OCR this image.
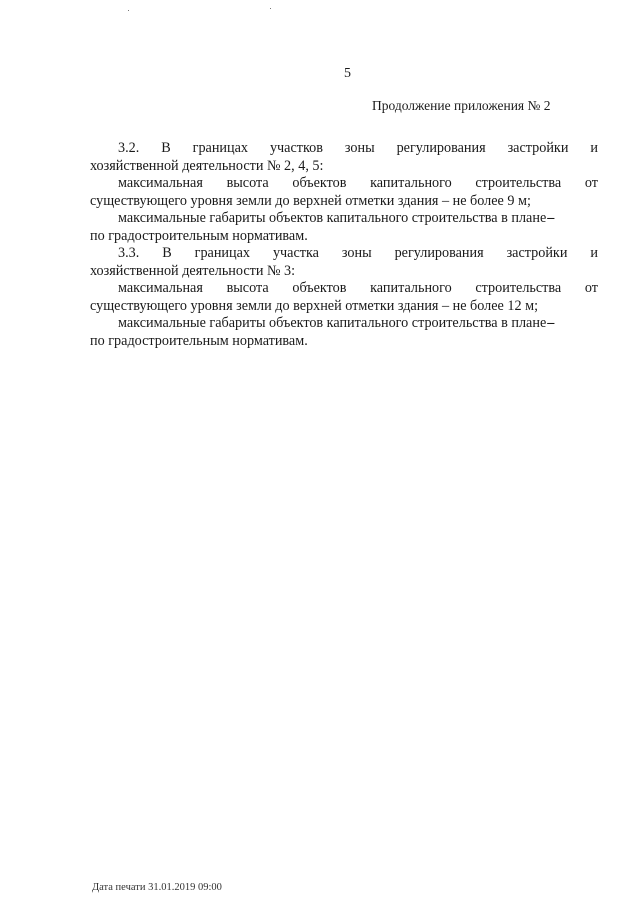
5
Продолжение приложения № 2
3.2. В границах участков зоны регулирования застройки и
хозяйственной деятельности № 2, 4, 5:
максимальная высота объектов капитального строительства от
существующего уровня земли до верхней отметки здания – не более 9 м;
максимальные габариты объектов капитального строительства в плане –
по градостроительным нормативам.
3.3. В границах участка зоны регулирования застройки и
хозяйственной деятельности № 3:
максимальная высота объектов капитального строительства от
существующего уровня земли до верхней отметки здания – не более 12 м;
максимальные габариты объектов капитального строительства в плане –
по градостроительным нормативам.
Дата печати 31.01.2019 09:00
